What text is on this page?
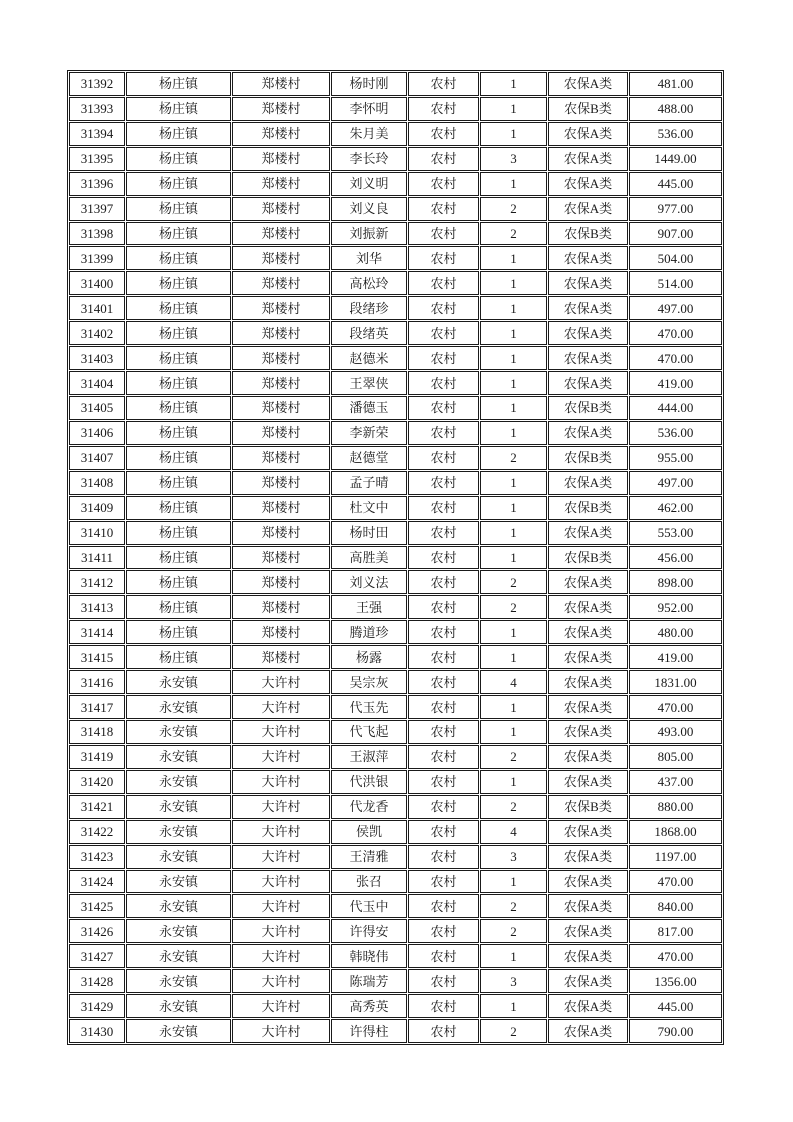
31392	杨庄镇	郑楼村	杨时刚	农村	1	农保A类	481.00
31393	杨庄镇	郑楼村	李怀明	农村	1	农保B类	488.00
31394	杨庄镇	郑楼村	朱月美	农村	1	农保A类	536.00
31395	杨庄镇	郑楼村	李长玲	农村	3	农保A类	1449.00
31396	杨庄镇	郑楼村	刘义明	农村	1	农保A类	445.00
31397	杨庄镇	郑楼村	刘义良	农村	2	农保A类	977.00
31398	杨庄镇	郑楼村	刘振新	农村	2	农保B类	907.00
31399	杨庄镇	郑楼村	刘华	农村	1	农保A类	504.00
31400	杨庄镇	郑楼村	高松玲	农村	1	农保A类	514.00
31401	杨庄镇	郑楼村	段绪珍	农村	1	农保A类	497.00
31402	杨庄镇	郑楼村	段绪英	农村	1	农保A类	470.00
31403	杨庄镇	郑楼村	赵德米	农村	1	农保A类	470.00
31404	杨庄镇	郑楼村	王翠侠	农村	1	农保A类	419.00
31405	杨庄镇	郑楼村	潘德玉	农村	1	农保B类	444.00
31406	杨庄镇	郑楼村	李新荣	农村	1	农保A类	536.00
31407	杨庄镇	郑楼村	赵德堂	农村	2	农保B类	955.00
31408	杨庄镇	郑楼村	孟子晴	农村	1	农保A类	497.00
31409	杨庄镇	郑楼村	杜文中	农村	1	农保B类	462.00
31410	杨庄镇	郑楼村	杨时田	农村	1	农保A类	553.00
31411	杨庄镇	郑楼村	高胜美	农村	1	农保B类	456.00
31412	杨庄镇	郑楼村	刘义法	农村	2	农保A类	898.00
31413	杨庄镇	郑楼村	王强	农村	2	农保A类	952.00
31414	杨庄镇	郑楼村	腾道珍	农村	1	农保A类	480.00
31415	杨庄镇	郑楼村	杨露	农村	1	农保A类	419.00
31416	永安镇	大许村	吴宗灰	农村	4	农保A类	1831.00
31417	永安镇	大许村	代玉先	农村	1	农保A类	470.00
31418	永安镇	大许村	代飞起	农村	1	农保A类	493.00
31419	永安镇	大许村	王淑萍	农村	2	农保A类	805.00
31420	永安镇	大许村	代洪银	农村	1	农保A类	437.00
31421	永安镇	大许村	代龙香	农村	2	农保B类	880.00
31422	永安镇	大许村	侯凯	农村	4	农保A类	1868.00
31423	永安镇	大许村	王清雅	农村	3	农保A类	1197.00
31424	永安镇	大许村	张召	农村	1	农保A类	470.00
31425	永安镇	大许村	代玉中	农村	2	农保A类	840.00
31426	永安镇	大许村	许得安	农村	2	农保A类	817.00
31427	永安镇	大许村	韩晓伟	农村	1	农保A类	470.00
31428	永安镇	大许村	陈瑞芳	农村	3	农保A类	1356.00
31429	永安镇	大许村	高秀英	农村	1	农保A类	445.00
31430	永安镇	大许村	许得柱	农村	2	农保A类	790.00
